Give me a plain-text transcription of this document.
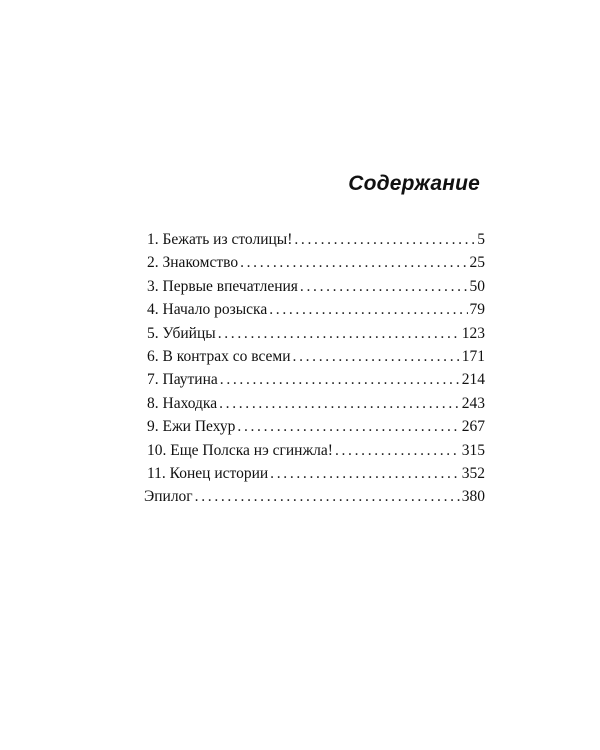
Содержание
1. Бежать из столицы! . . .	5
2. Знакомство . . .	25
3. Первые впечатления . . .	50
4. Начало розыска . . .	79
5. Убийцы . . .	123
6. В контрах со всеми . . .	171
7. Паутина . . .	214
8. Находка . . .	243
9. Ежи Пехур . . .	267
10. Еще Полска нэ сгинжла! . . .	315
11. Конец истории . . .	352
Эпилог . . .	380
